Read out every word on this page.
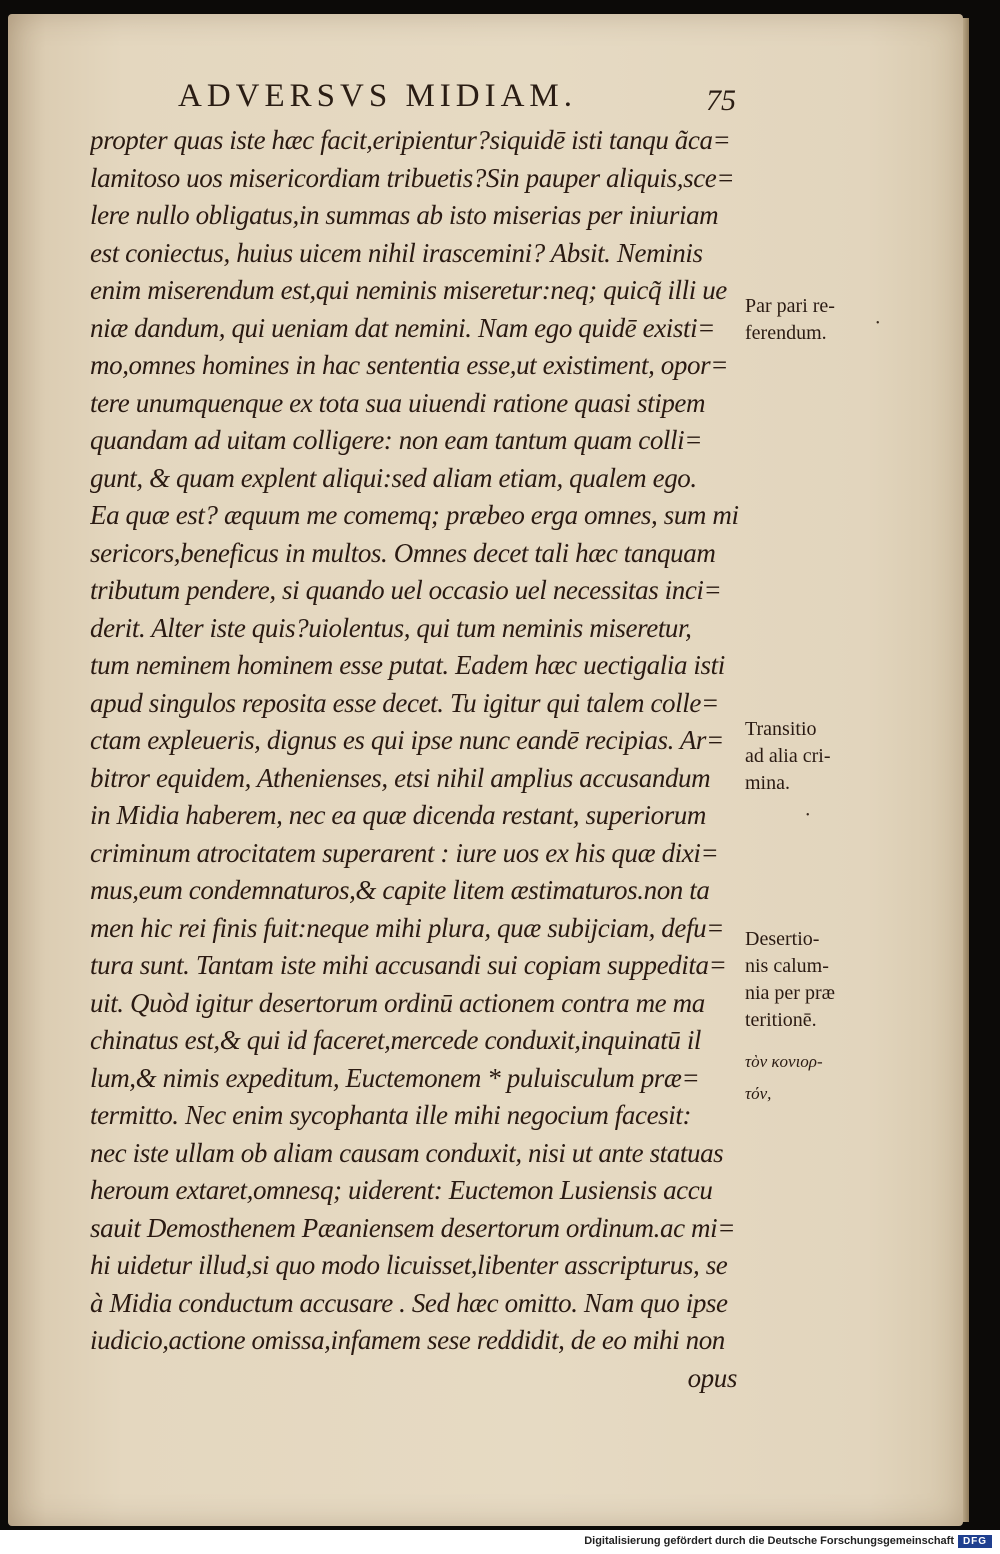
ADVERSVS MIDIAM.	75
propter quas iste hæc facit,eripientur?siquidē isti tanqu ãca=
lamitoso uos misericordiam tribuetis?Sin pauper aliquis,sce=
lere nullo obligatus,in summas ab isto miserias per iniuriam
est coniectus, huius uicem nihil irascemini? Absit. Neminis
enim miserendum est,qui neminis miseretur:neq; quicq̃ illi ue
niæ dandum, qui ueniam dat nemini. Nam ego quidē existi=
mo,omnes homines in hac sententia esse,ut existiment, opor=
tere unumquenque ex tota sua uiuendi ratione quasi stipem
quandam ad uitam colligere: non eam tantum quam colli=
gunt, & quam explent aliqui:sed aliam etiam, qualem ego.
Ea quæ est? æquum me comemq; præbeo erga omnes, sum mi
sericors,beneficus in multos. Omnes decet tali hæc tanquam
tributum pendere, si quando uel occasio uel necessitas inci=
derit. Alter iste quis?uiolentus, qui tum neminis miseretur,
tum neminem hominem esse putat. Eadem hæc uectigalia isti
apud singulos reposita esse decet. Tu igitur qui talem colle=
ctam expleueris, dignus es qui ipse nunc eandē recipias. Ar=
bitror equidem, Athenienses, etsi nihil amplius accusandum
in Midia haberem, nec ea quæ dicenda restant, superiorum
criminum atrocitatem superarent : iure uos ex his quæ dixi=
mus,eum condemnaturos,& capite litem æstimaturos.non ta
men hic rei finis fuit:neque mihi plura, quæ subijciam, defu=
tura sunt. Tantam iste mihi accusandi sui copiam suppedita=
uit. Quòd igitur desertorum ordinū actionem contra me ma
chinatus est,& qui id faceret,mercede conduxit,inquinatū il
lum,& nimis expeditum, Euctemonem * puluisculum præ=
termitto. Nec enim sycophanta ille mihi negocium facesit:
nec iste ullam ob aliam causam conduxit, nisi ut ante statuas
heroum extaret,omnesq; uiderent: Euctemon Lusiensis accu
sauit Demosthenem Pæaniensem desertorum ordinum.ac mi=
hi uidetur illud,si quo modo licuisset,libenter asscripturus, se
à Midia conductum accusare . Sed hæc omitto. Nam quo ipse
iudicio,actione omissa,infamem sese reddidit, de eo mihi non
opus
Par pari re-
ferendum.
Transitio
ad alia cri-
mina.
Desertio-
nis calum-
nia per præ
teritionē.
τὸν κονιορ-
τόν,
•
•
Digitalisierung gefördert durch die Deutsche Forschungsgemeinschaft DFG
